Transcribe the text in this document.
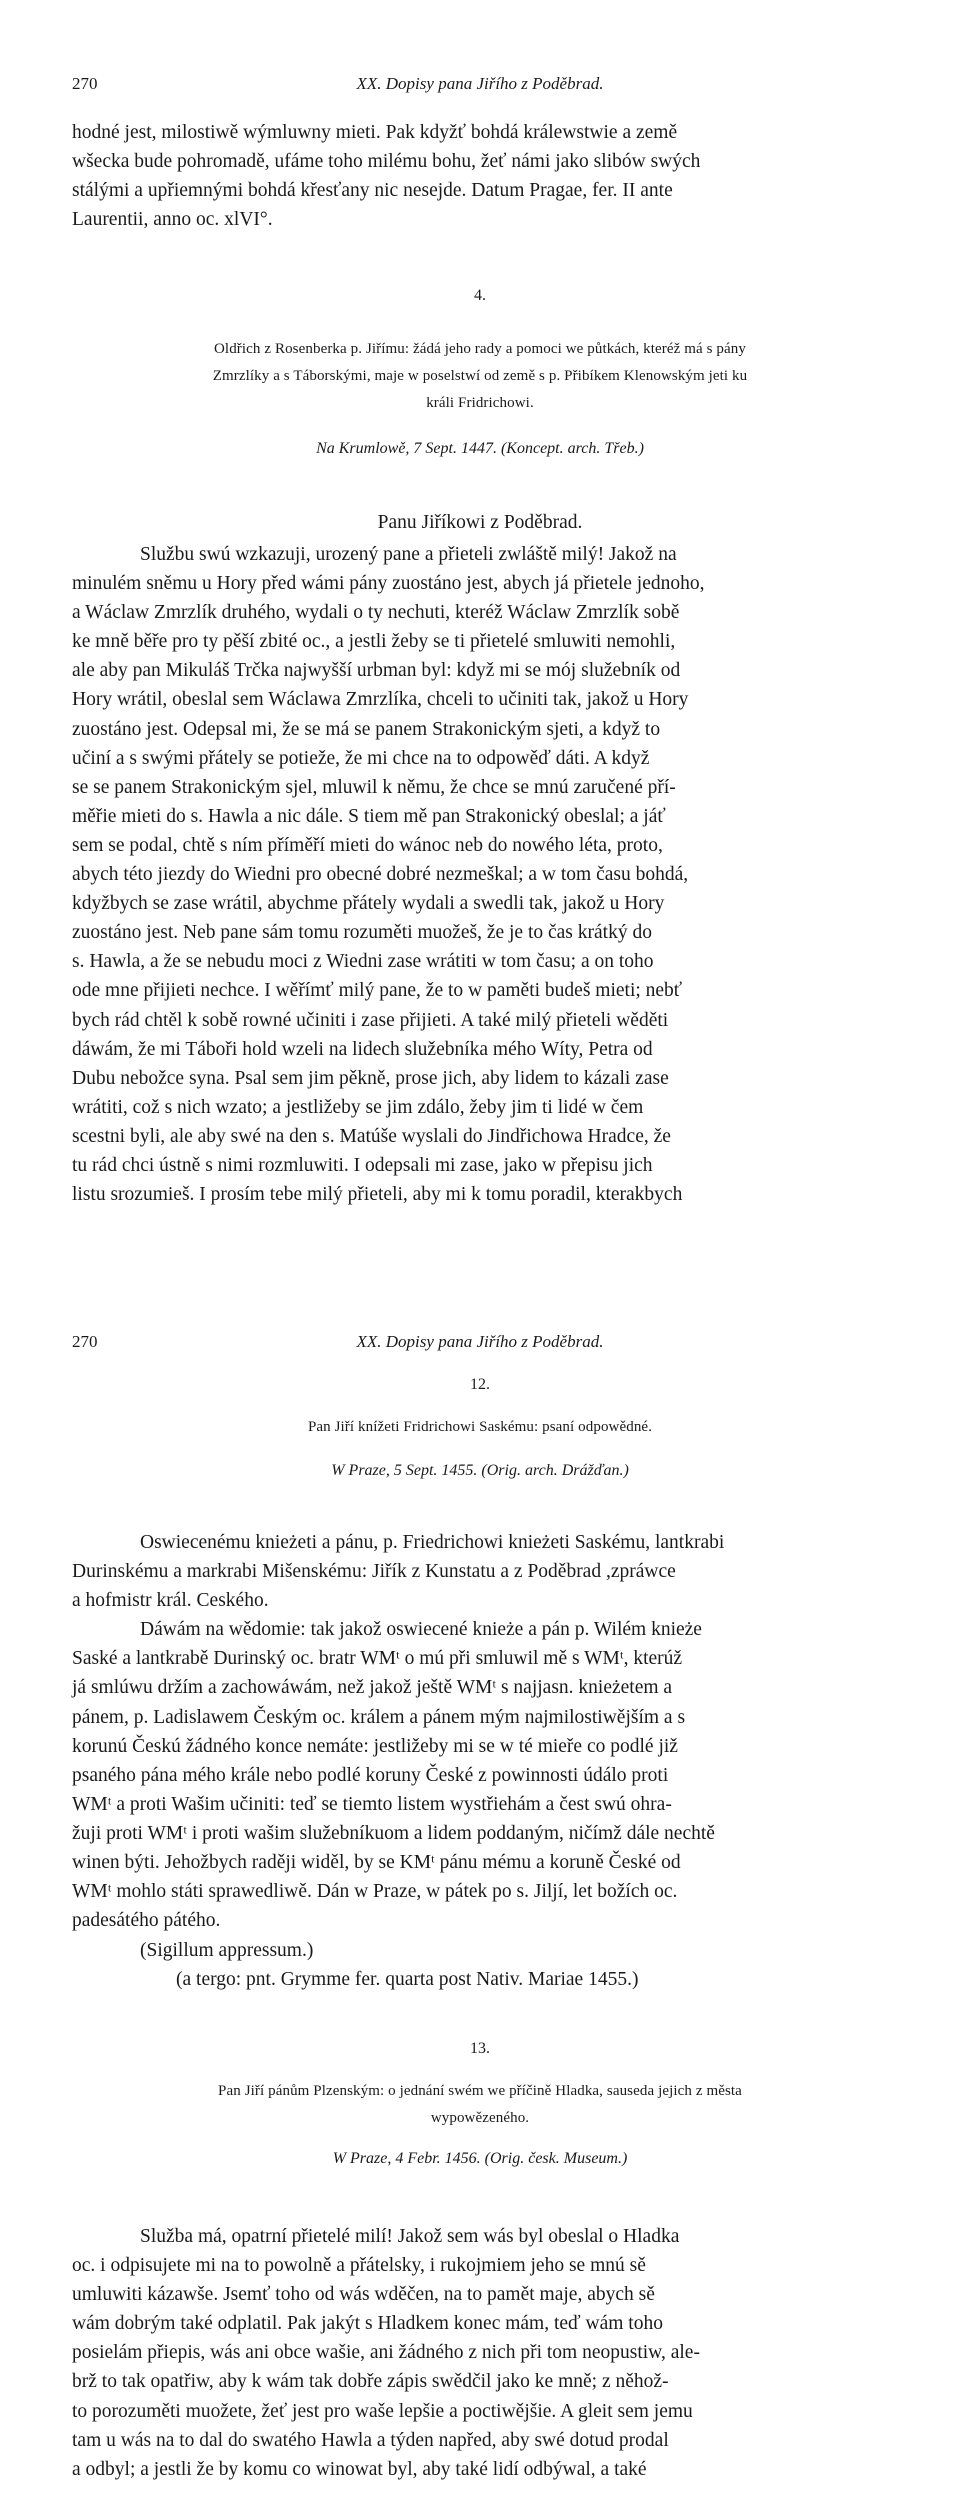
270	XX. Dopisy pana Jiřího z Poděbrad.

hodné jest, milostiwě wýmluwny mieti. Pak kdyžť bohdá králewstwie a země

wšecka bude pohromadě, ufáme toho milému bohu, žeť námi jako slibów swých

stálými a upřiemnými bohdá křesťany nic nesejde. Datum Pragae, fer. II ante

Laurentii, anno oc. xlVI°.

4.
Oldřich z Rosenberka p. Jiřímu: žádá jeho rady a pomoci we půtkách, kteréž má s pány
Zmrzlíky a s Táborskými, maje w poselstwí od země s p. Přibíkem Klenowským jeti ku
králi Fridrichowi.
Na Krumlowě, 7 Sept. 1447. (Koncept. arch. Třeb.)
Panu Jiříkowi z Poděbrad.

Službu swú wzkazuji, urozený pane a přieteli zwláště milý! Jakož na

minulém sněmu u Hory před wámi pány zuostáno jest, abych já přietele jednoho,

a Wáclaw Zmrzlík druhého, wydali o ty nechuti, kteréž Wáclaw Zmrzlík sobě

ke mně běře pro ty pěší zbité oc., a jestli žeby se ti přietelé smluwiti nemohli,

ale aby pan Mikuláš Trčka najwyšší urbman byl: když mi se mój služebník od

Hory wrátil, obeslal sem Wáclawa Zmrzlíka, chceli to učiniti tak, jakož u Hory

zuostáno jest. Odepsal mi, že se má se panem Strakonickým sjeti, a když to

učiní a s swými přátely se potieže, že mi chce na to odpowěď dáti. A když

se se panem Strakonickým sjel, mluwil k němu, že chce se mnú zaručené pří-

měřie mieti do s. Hawla a nic dále. S tiem mě pan Strakonický obeslal; a jáť

sem se podal, chtě s ním příměří mieti do wánoc neb do nowého léta, proto,

abych této jiezdy do Wiedni pro obecné dobré nezmeškal; a w tom času bohdá,

kdyžbych se zase wrátil, abychme přátely wydali a swedli tak, jakož u Hory

zuostáno jest. Neb pane sám tomu rozuměti muožeš, že je to čas krátký do

s. Hawla, a že se nebudu moci z Wiedni zase wrátiti w tom času; a on toho

ode mne přijieti nechce. I wěřímť milý pane, že to w paměti budeš mieti; nebť

bych rád chtěl k sobě rowné učiniti i zase přijieti. A také milý přieteli wěděti

dáwám, že mi Táboři hold wzeli na lidech služebníka mého Wíty, Petra od

Dubu nebožce syna. Psal sem jim pěkně, prose jich, aby lidem to kázali zase

wrátiti, což s nich wzato; a jestližeby se jim zdálo, žeby jim ti lidé w čem

scestni byli, ale aby swé na den s. Matúše wyslali do Jindřichowa Hradce, že

tu rád chci ústně s nimi rozmluwiti. I odepsali mi zase, jako w přepisu jich

listu srozumieš. I prosím tebe milý přieteli, aby mi k tomu poradil, kterakbych

270	XX. Dopisy pana Jiřího z Poděbrad.
12.
Pan Jiří knížeti Fridrichowi Saskému: psaní odpowědné.
W Praze, 5 Sept. 1455. (Orig. arch. Drážďan.)

Oswiecenému knieżeti a pánu, p. Friedrichowi knieżeti Saskému, lantkrabi

Durinskému a markrabi Mišenskému: Jiřík z Kunstatu a z Poděbrad ,zpráwce

a hofmistr král. Ceského.

Dáwám na wědomie: tak jakož oswiecené knieże a pán p. Wilém knieże

Saské a lantkrabě Durinský oc. bratr WMᵗ o mú při smluwil mě s WMᵗ, kterúž

já smlúwu držím a zachowáwám, než jakož ještě WMᵗ s najjasn. knieżetem a

pánem, p. Ladislawem Českým oc. králem a pánem mým najmilostiwějším a s

korunú Českú žádného konce nemáte: jestližeby mi se w té mieře co podlé již

psaného pána mého krále nebo podlé koruny České z powinnosti údálo proti

WMᵗ a proti Wašim učiniti: teď se tiemto listem wystřiehám a čest swú ohra-

žuji proti WMᵗ i proti wašim služebníkuom a lidem poddaným, ničímž dále nechtě

winen býti. Jehožbych raději widěl, by se KMᵗ pánu mému a koruně České od

WMᵗ mohlo státi sprawedliwě. Dán w Praze, w pátek po s. Jiljí, let božích oc.

padesátého pátého.

(Sigillum appressum.)
(a tergo: pnt. Grymme fer. quarta post Nativ. Mariae 1455.)
13.
Pan Jiří pánům Plzenským: o jednání swém we příčině Hladka, sauseda jejich z města
wypowězeného.
W Praze, 4 Febr. 1456. (Orig. česk. Museum.)

Služba má, opatrní přietelé milí! Jakož sem wás byl obeslal o Hladka

oc. i odpisujete mi na to powolně a přátelsky, i rukojmiem jeho se mnú sě

umluwiti kázawše. Jsemť toho od wás wděčen, na to pamět maje, abych sě

wám dobrým také odplatil. Pak jakýt s Hladkem konec mám, teď wám toho

posielám přiepis, wás ani obce wašie, ani žádného z nich při tom neopustiw, ale-

brž to tak opatřiw, aby k wám tak dobře zápis swědčil jako ke mně; z něhož-

to porozuměti muožete, žeť jest pro waše lepšie a poctiwějšie. A gleit sem jemu

tam u wás na to dal do swatého Hawla a týden napřed, aby swé dotud prodal

a odbyl; a jestli že by komu co winowat byl, aby také lidí odbýwal, a také
